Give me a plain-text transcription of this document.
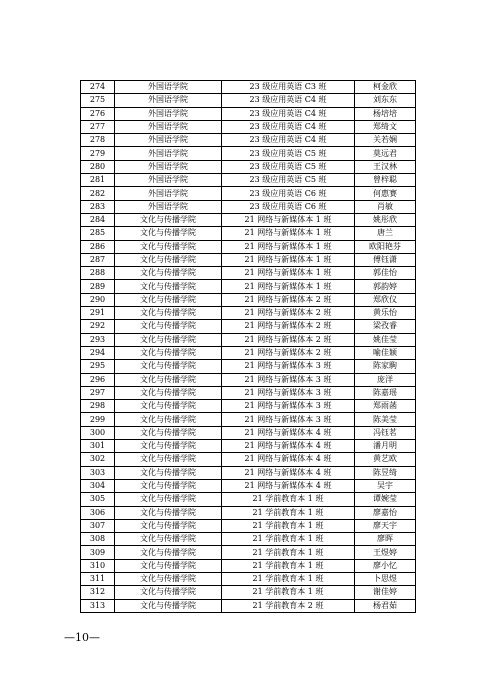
274	外国语学院	23 级应用英语 C3 班	柯金欣
275	外国语学院	23 级应用英语 C4 班	刘东东
276	外国语学院	23 级应用英语 C4 班	杨培培
277	外国语学院	23 级应用英语 C4 班	郑绮文
278	外国语学院	23 级应用英语 C4 班	关若娴
279	外国语学院	23 级应用英语 C5 班	莫远君
280	外国语学院	23 级应用英语 C5 班	王汉林
281	外国语学院	23 级应用英语 C5 班	曾梓聪
282	外国语学院	23 级应用英语 C6 班	何惠赛
283	外国语学院	23 级应用英语 C6 班	肖敏
284	文化与传播学院	21 网络与新媒体本 1 班	姚彤欣
285	文化与传播学院	21 网络与新媒体本 1 班	唐兰
286	文化与传播学院	21 网络与新媒体本 1 班	欧阳艳芬
287	文化与传播学院	21 网络与新媒体本 1 班	傅钰潇
288	文化与传播学院	21 网络与新媒体本 1 班	郭佳怡
289	文化与传播学院	21 网络与新媒体本 1 班	郭韵婷
290	文化与传播学院	21 网络与新媒体本 2 班	郑欣仪
291	文化与传播学院	21 网络与新媒体本 2 班	黄乐怡
292	文化与传播学院	21 网络与新媒体本 2 班	梁孜睿
293	文化与传播学院	21 网络与新媒体本 2 班	姚佳莹
294	文化与传播学院	21 网络与新媒体本 2 班	喻佳颖
295	文化与传播学院	21 网络与新媒体本 3 班	陈家駒
296	文化与传播学院	21 网络与新媒体本 3 班	庞洋
297	文化与传播学院	21 网络与新媒体本 3 班	陈嘉瑶
298	文化与传播学院	21 网络与新媒体本 3 班	郑雨菡
299	文化与传播学院	21 网络与新媒体本 3 班	陈美莹
300	文化与传播学院	21 网络与新媒体本 4 班	冯钰茗
301	文化与传播学院	21 网络与新媒体本 4 班	潘月明
302	文化与传播学院	21 网络与新媒体本 4 班	黄艺欧
303	文化与传播学院	21 网络与新媒体本 4 班	陈昱绮
304	文化与传播学院	21 网络与新媒体本 4 班	吴宇
305	文化与传播学院	21 学前教育本 1 班	谭婉莹
306	文化与传播学院	21 学前教育本 1 班	廖嘉怡
307	文化与传播学院	21 学前教育本 1 班	廖天宇
308	文化与传播学院	21 学前教育本 1 班	廖晖
309	文化与传播学院	21 学前教育本 1 班	王煜婷
310	文化与传播学院	21 学前教育本 1 班	廖小忆
311	文化与传播学院	21 学前教育本 1 班	卜思煜
312	文化与传播学院	21 学前教育本 1 班	谢佳婷
313	文化与传播学院	21 学前教育本 2 班	杨君茹
—10—
